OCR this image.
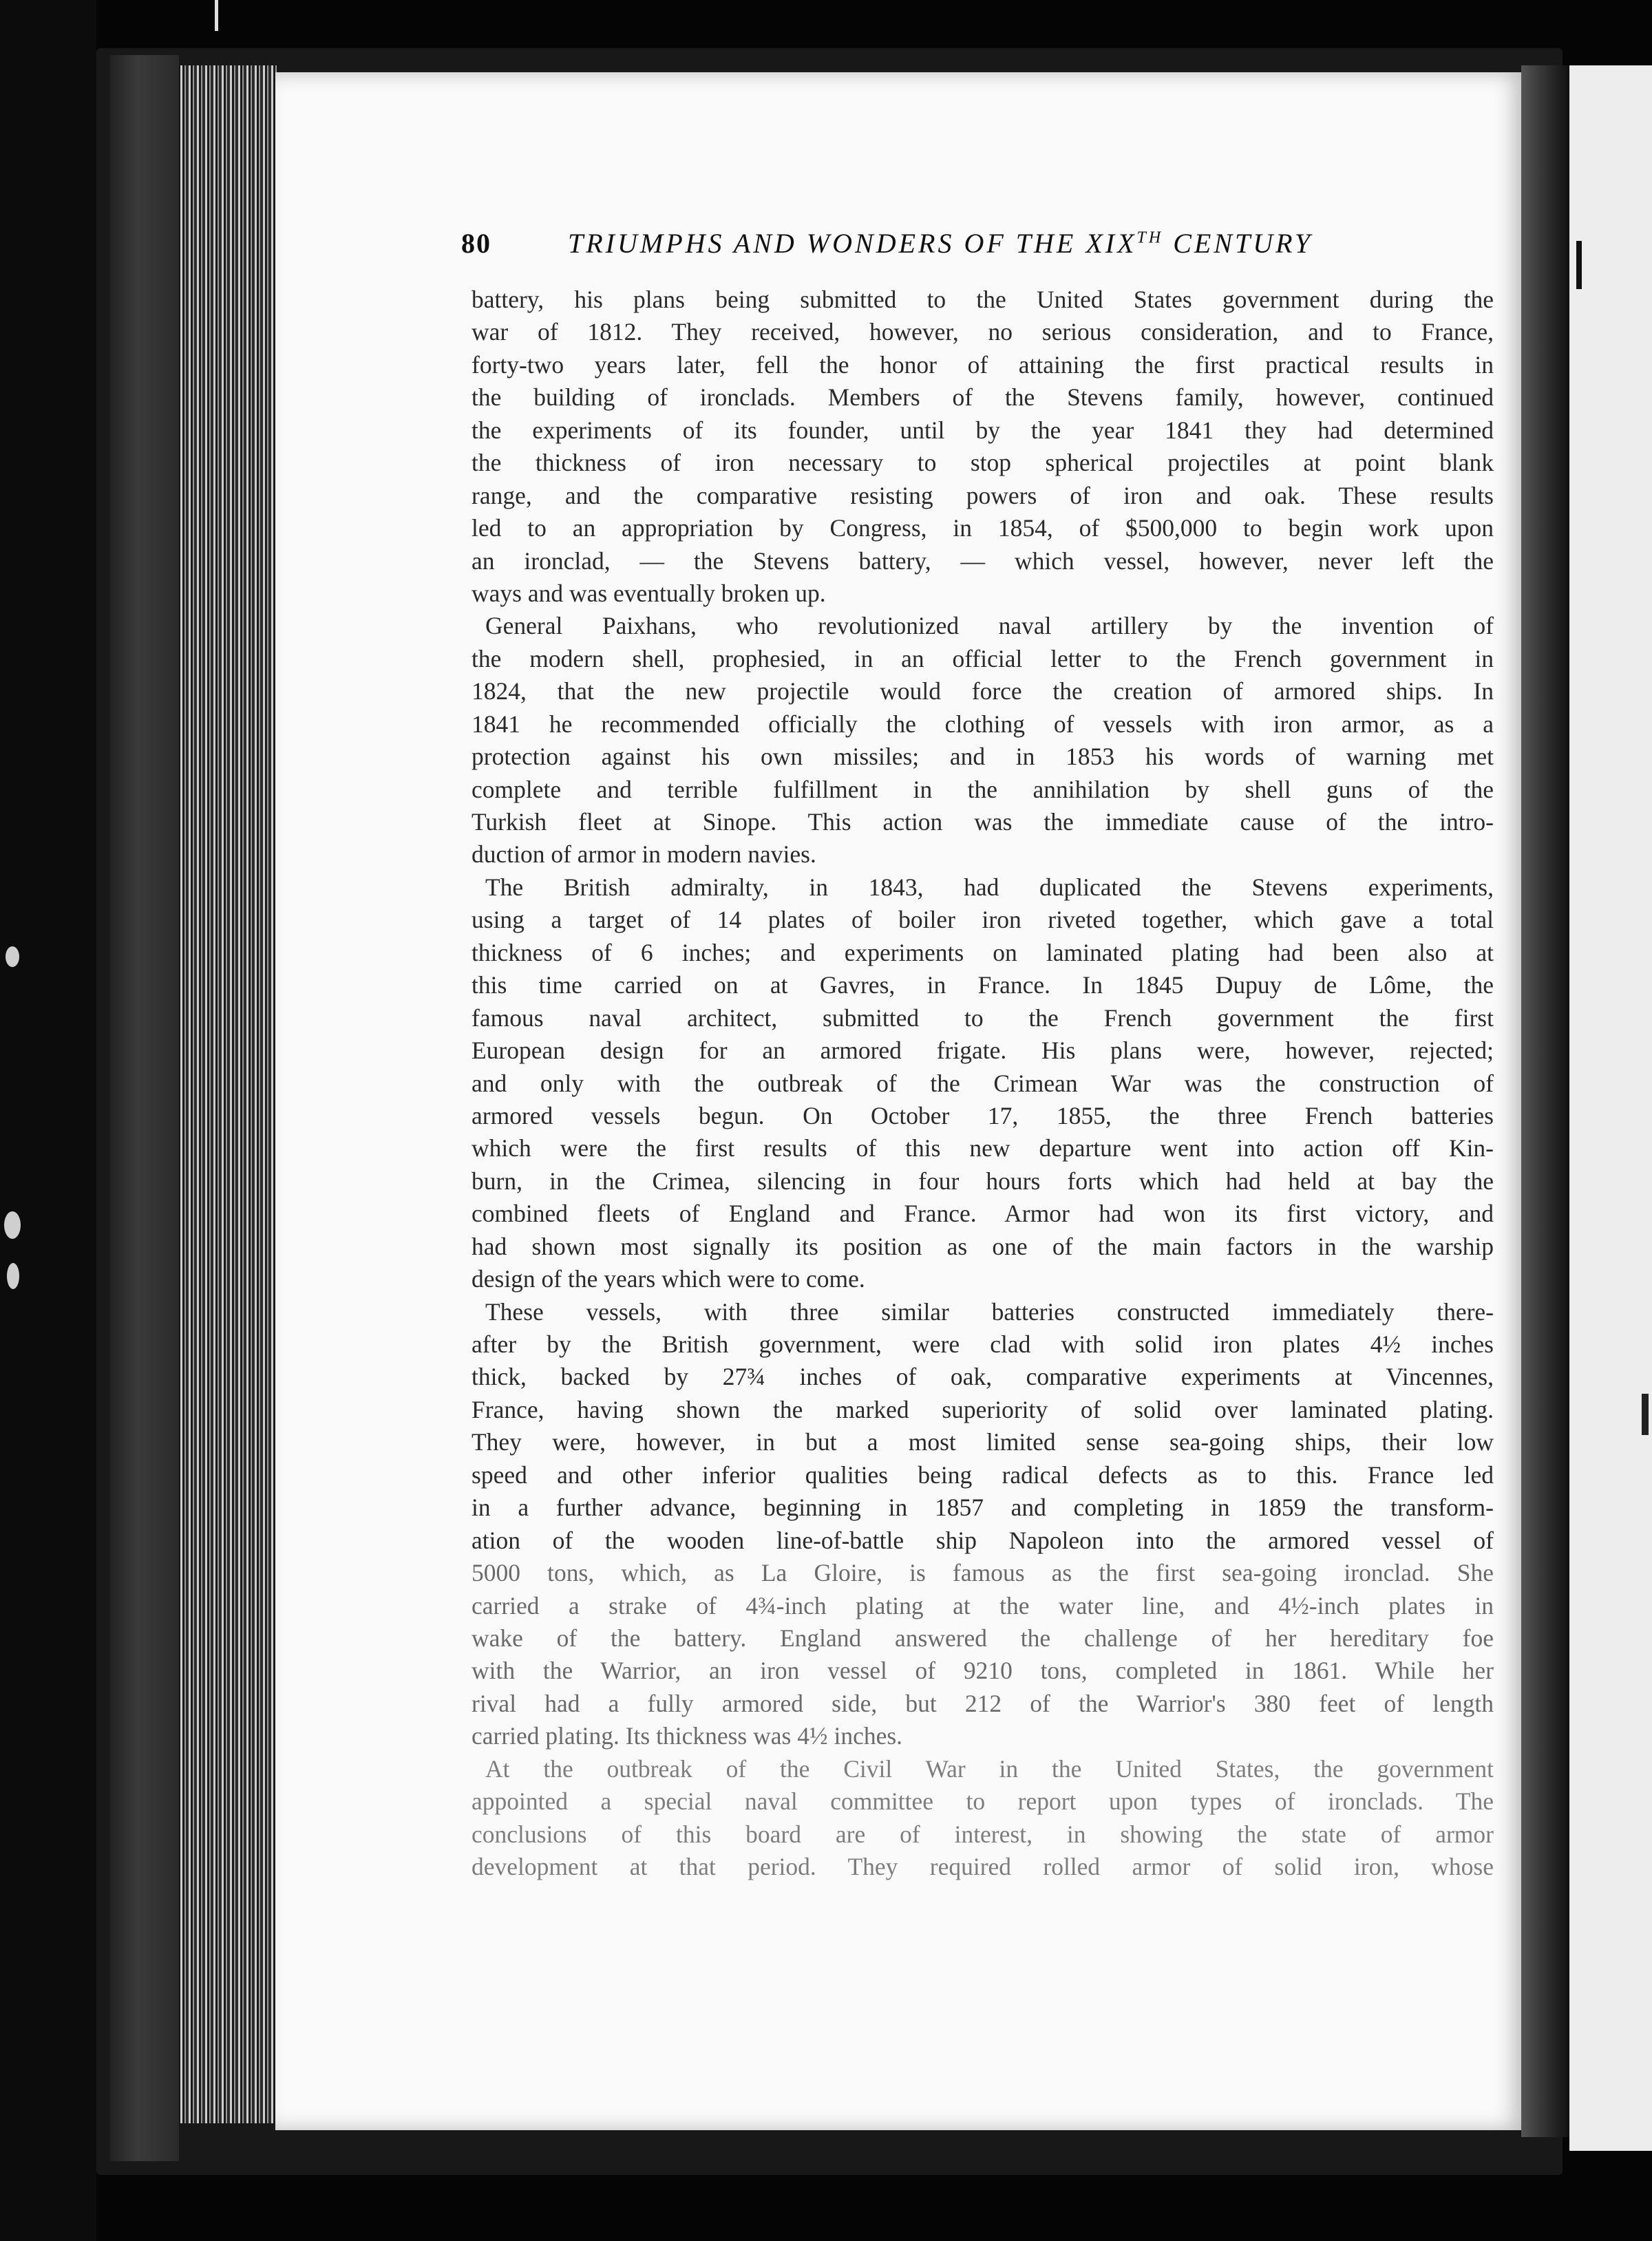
80	TRIUMPHS AND WONDERS OF THE XIXTH CENTURY
battery, his plans being submitted to the United States government during the
war of 1812. They received, however, no serious consideration, and to France,
forty-two years later, fell the honor of attaining the first practical results in
the building of ironclads. Members of the Stevens family, however, continued
the experiments of its founder, until by the year 1841 they had determined
the thickness of iron necessary to stop spherical projectiles at point blank
range, and the comparative resisting powers of iron and oak. These results
led to an appropriation by Congress, in 1854, of $500,000 to begin work upon
an ironclad, — the Stevens battery, — which vessel, however, never left the
ways and was eventually broken up.
General Paixhans, who revolutionized naval artillery by the invention of
the modern shell, prophesied, in an official letter to the French government in
1824, that the new projectile would force the creation of armored ships. In
1841 he recommended officially the clothing of vessels with iron armor, as a
protection against his own missiles; and in 1853 his words of warning met
complete and terrible fulfillment in the annihilation by shell guns of the
Turkish fleet at Sinope. This action was the immediate cause of the intro-
duction of armor in modern navies.
The British admiralty, in 1843, had duplicated the Stevens experiments,
using a target of 14 plates of boiler iron riveted together, which gave a total
thickness of 6 inches; and experiments on laminated plating had been also at
this time carried on at Gavres, in France. In 1845 Dupuy de Lôme, the
famous naval architect, submitted to the French government the first
European design for an armored frigate. His plans were, however, rejected;
and only with the outbreak of the Crimean War was the construction of
armored vessels begun. On October 17, 1855, the three French batteries
which were the first results of this new departure went into action off Kin-
burn, in the Crimea, silencing in four hours forts which had held at bay the
combined fleets of England and France. Armor had won its first victory, and
had shown most signally its position as one of the main factors in the warship
design of the years which were to come.
These vessels, with three similar batteries constructed immediately there-
after by the British government, were clad with solid iron plates 4½ inches
thick, backed by 27¾ inches of oak, comparative experiments at Vincennes,
France, having shown the marked superiority of solid over laminated plating.
They were, however, in but a most limited sense sea-going ships, their low
speed and other inferior qualities being radical defects as to this. France led
in a further advance, beginning in 1857 and completing in 1859 the transform-
ation of the wooden line-of-battle ship Napoleon into the armored vessel of
5000 tons, which, as La Gloire, is famous as the first sea-going ironclad. She
carried a strake of 4¾-inch plating at the water line, and 4½-inch plates in
wake of the battery. England answered the challenge of her hereditary foe
with the Warrior, an iron vessel of 9210 tons, completed in 1861. While her
rival had a fully armored side, but 212 of the Warrior's 380 feet of length
carried plating. Its thickness was 4½ inches.
At the outbreak of the Civil War in the United States, the government
appointed a special naval committee to report upon types of ironclads. The
conclusions of this board are of interest, in showing the state of armor
development at that period. They required rolled armor of solid iron, whose
